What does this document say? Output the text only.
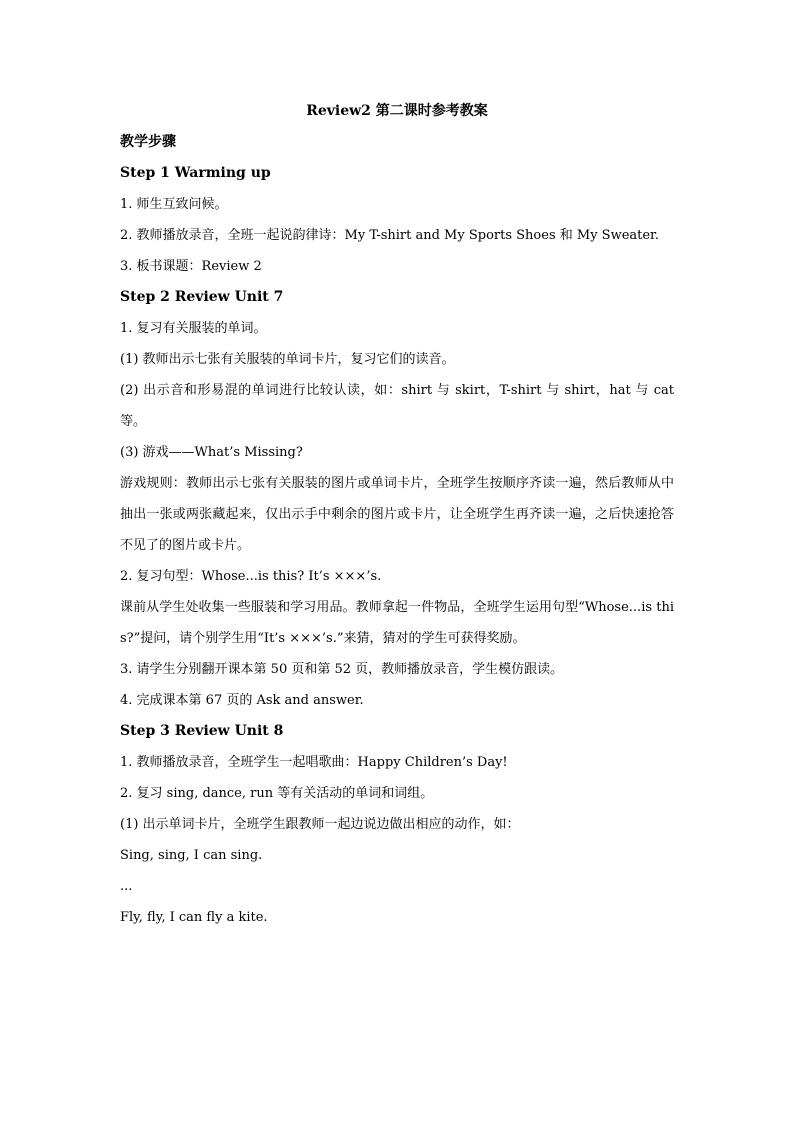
Review2 第二课时参考教案

教学步骤

Step 1 Warming up

1. 师生互致问候。

2. 教师播放录音，全班一起说韵律诗：My T-shirt and My Sports Shoes 和 My Sweater.

3. 板书课题：Review 2

Step 2 Review Unit 7

1. 复习有关服装的单词。

(1) 教师出示七张有关服装的单词卡片，复习它们的读音。

(2) 出示音和形易混的单词进行比较认读，如：shirt 与 skirt，T-shirt 与 shirt，hat 与 cat 等。

(3) 游戏——What’s Missing?

游戏规则：教师出示七张有关服装的图片或单词卡片，全班学生按顺序齐读一遍，然后教师从中抽出一张或两张藏起来，仅出示手中剩余的图片或卡片，让全班学生再齐读一遍，之后快速抢答不见了的图片或卡片。

2. 复习句型：Whose...is this? It’s ×××’s.

课前从学生处收集一些服装和学习用品。教师拿起一件物品，全班学生运用句型“Whose...is this?”提问，请个别学生用“It’s ×××’s.”来猜，猜对的学生可获得奖励。

3. 请学生分别翻开课本第 50 页和第 52 页，教师播放录音，学生模仿跟读。

4. 完成课本第 67 页的 Ask and answer.

Step 3 Review Unit 8

1. 教师播放录音，全班学生一起唱歌曲：Happy Children’s Day!

2. 复习 sing, dance, run 等有关活动的单词和词组。

(1) 出示单词卡片，全班学生跟教师一起边说边做出相应的动作，如：

Sing, sing, I can sing.

...

Fly, fly, I can fly a kite.
